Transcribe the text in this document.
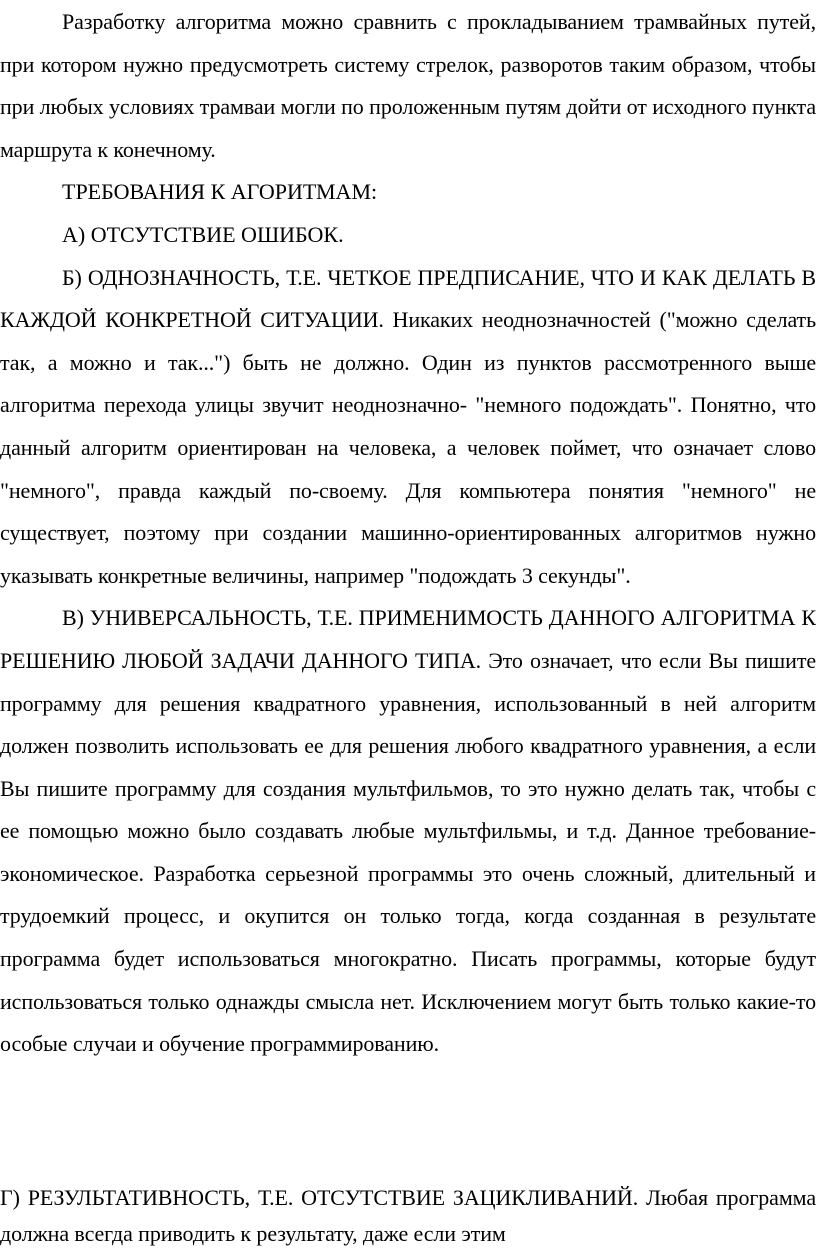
Разработку алгоритма можно сравнить с прокладыванием трамвайных путей, при котором нужно предусмотреть систему стрелок, разворотов таким образом, чтобы при любых условиях трамваи могли по проложенным путям дойти от исходного пункта маршрута к конечному.

ТРЕБОВАНИЯ К АГОРИТМАМ:

А) ОТСУТСТВИЕ ОШИБОК.

Б) ОДНОЗНАЧНОСТЬ, Т.Е. ЧЕТКОЕ ПРЕДПИСАНИЕ, ЧТО И КАК ДЕЛАТЬ В КАЖДОЙ КОНКРЕТНОЙ СИТУАЦИИ. Никаких неоднозначностей ("можно сделать так, а можно и так...") быть не должно. Один из пунктов рассмотренного выше алгоритма перехода улицы звучит неоднозначно- "немного подождать". Понятно, что данный алгоритм ориентирован на человека, а человек поймет, что означает слово "немного", правда каждый по-своему. Для компьютера понятия "немного" не существует, поэтому при создании машинно-ориентированных алгоритмов нужно указывать конкретные величины, например "подождать 3 секунды".

В) УНИВЕРСАЛЬНОСТЬ, Т.Е. ПРИМЕНИМОСТЬ ДАННОГО АЛГОРИТМА К РЕШЕНИЮ ЛЮБОЙ ЗАДАЧИ ДАННОГО ТИПА. Это означает, что если Вы пишите программу для решения квадратного уравнения, использованный в ней алгоритм должен позволить использовать ее для решения любого квадратного уравнения, а если Вы пишите программу для создания мультфильмов, то это нужно делать так, чтобы с ее помощью можно было создавать любые мультфильмы, и т.д. Данное требование-экономическое. Разработка серьезной программы это очень сложный, длительный и трудоемкий процесс, и окупится он только тогда, когда созданная в результате программа будет использоваться многократно. Писать программы, которые будут использоваться только однажды смысла нет. Исключением могут быть только какие-то особые случаи и обучение программированию.

Г) РЕЗУЛЬТАТИВНОСТЬ, Т.Е. ОТСУТСТВИЕ ЗАЦИКЛИВАНИЙ. Любая программа должна всегда приводить к результату, даже если этим
